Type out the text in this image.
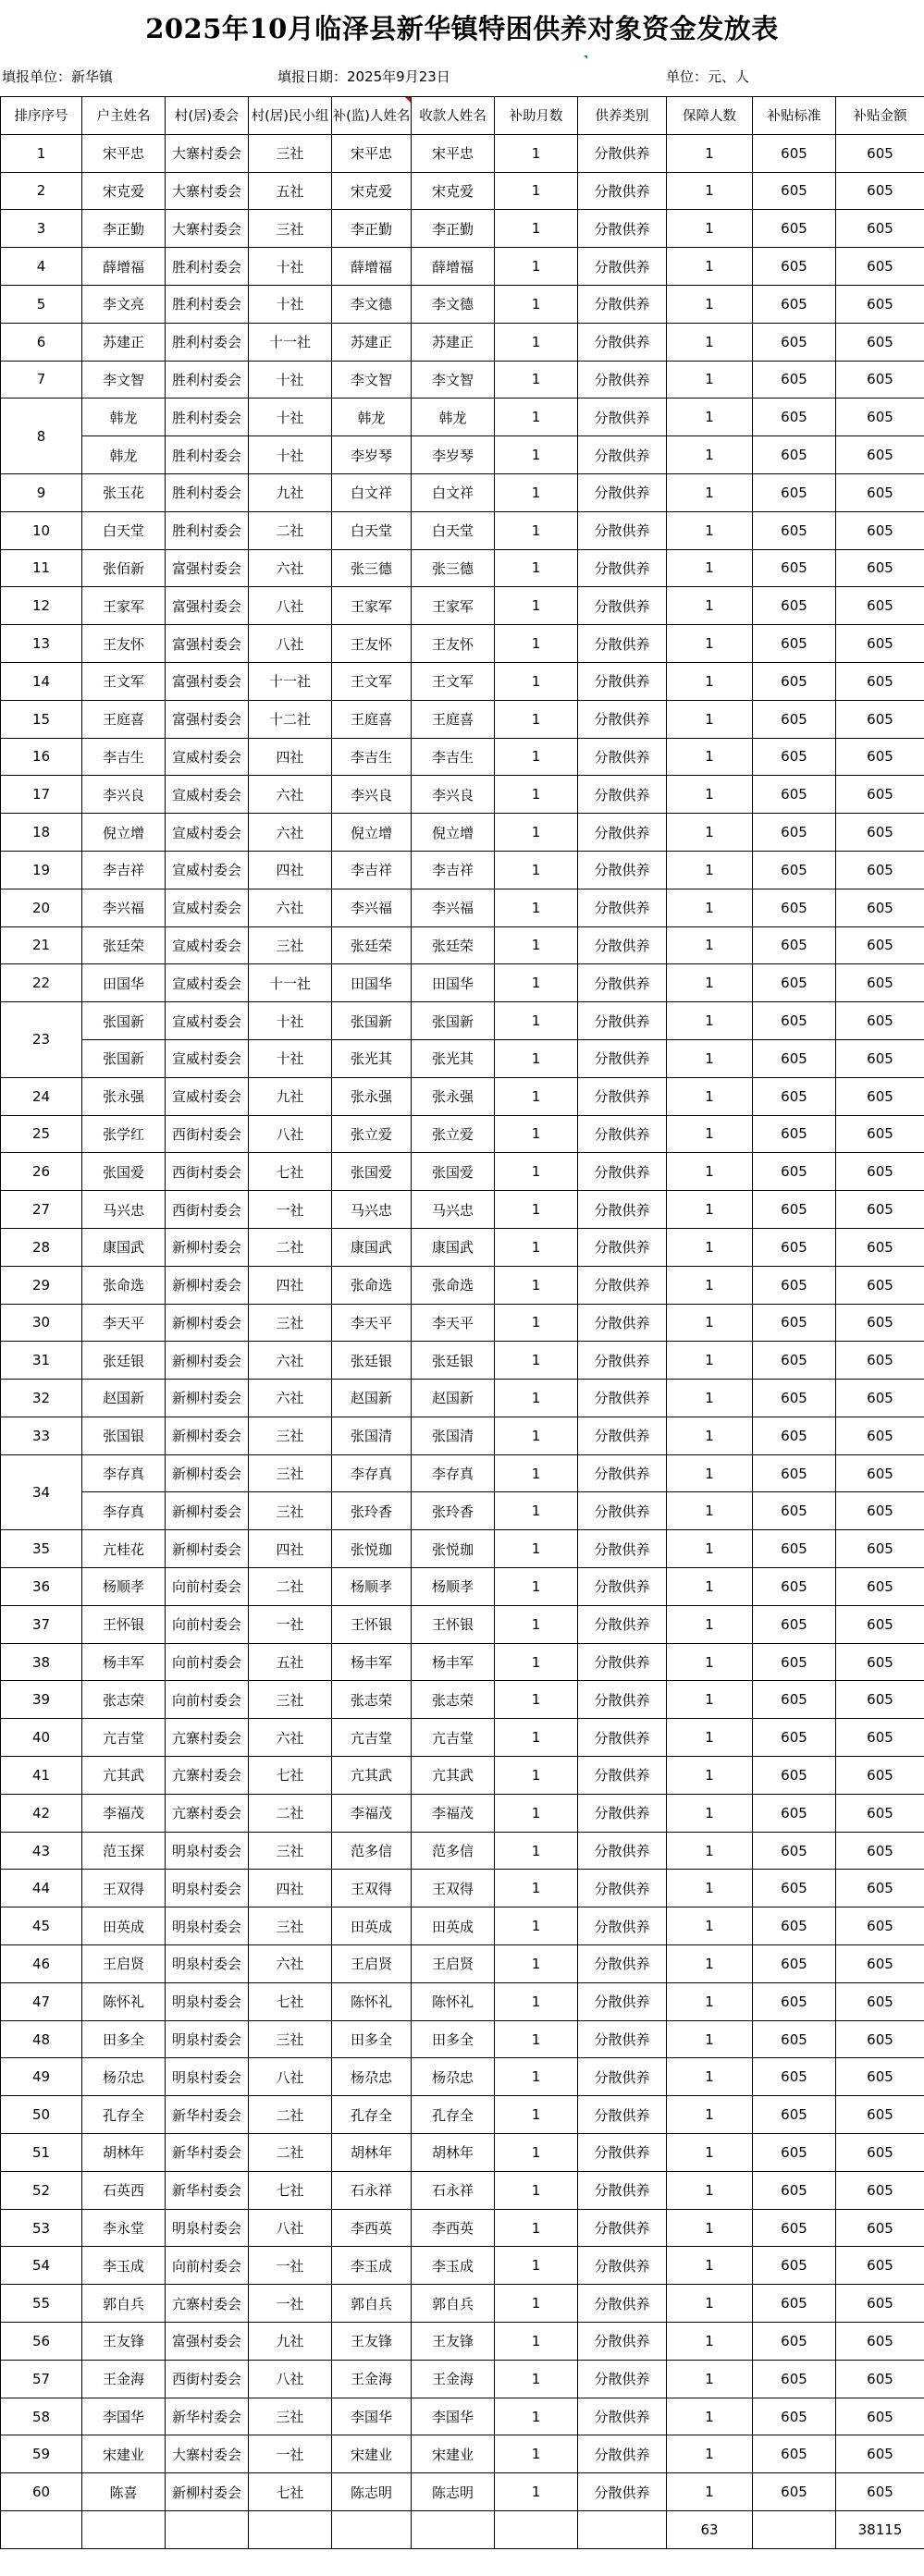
2025年10月临泽县新华镇特困供养对象资金发放表
填报单位：新华镇	填报日期：2025年9月23日	单位：元、人
排序序号	户主姓名	村(居)委会	村(居)民小组	补(监)人姓名	收款人姓名	补助月数	供养类别	保障人数	补贴标准	补贴金额
1	宋平忠	大寨村委会	三社	宋平忠	宋平忠	1	分散供养	1	605	605
2	宋克爱	大寨村委会	五社	宋克爱	宋克爱	1	分散供养	1	605	605
3	李正勤	大寨村委会	三社	李正勤	李正勤	1	分散供养	1	605	605
4	薛增福	胜利村委会	十社	薛增福	薛增福	1	分散供养	1	605	605
5	李文亮	胜利村委会	十社	李文德	李文德	1	分散供养	1	605	605
6	苏建正	胜利村委会	十一社	苏建正	苏建正	1	分散供养	1	605	605
7	李文智	胜利村委会	十社	李文智	李文智	1	分散供养	1	605	605
8	韩龙	胜利村委会	十社	韩龙	韩龙	1	分散供养	1	605	605
	韩龙	胜利村委会	十社	李岁琴	李岁琴	1	分散供养	1	605	605
9	张玉花	胜利村委会	九社	白文祥	白文祥	1	分散供养	1	605	605
10	白天堂	胜利村委会	二社	白天堂	白天堂	1	分散供养	1	605	605
11	张佰新	富强村委会	六社	张三德	张三德	1	分散供养	1	605	605
12	王家军	富强村委会	八社	王家军	王家军	1	分散供养	1	605	605
13	王友怀	富强村委会	八社	王友怀	王友怀	1	分散供养	1	605	605
14	王文军	富强村委会	十一社	王文军	王文军	1	分散供养	1	605	605
15	王庭喜	富强村委会	十二社	王庭喜	王庭喜	1	分散供养	1	605	605
16	李吉生	宣威村委会	四社	李吉生	李吉生	1	分散供养	1	605	605
17	李兴良	宣威村委会	六社	李兴良	李兴良	1	分散供养	1	605	605
18	倪立增	宣威村委会	六社	倪立增	倪立增	1	分散供养	1	605	605
19	李吉祥	宣威村委会	四社	李吉祥	李吉祥	1	分散供养	1	605	605
20	李兴福	宣威村委会	六社	李兴福	李兴福	1	分散供养	1	605	605
21	张廷荣	宣威村委会	三社	张廷荣	张廷荣	1	分散供养	1	605	605
22	田国华	宣威村委会	十一社	田国华	田国华	1	分散供养	1	605	605
23	张国新	宣威村委会	十社	张国新	张国新	1	分散供养	1	605	605
	张国新	宣威村委会	十社	张光其	张光其	1	分散供养	1	605	605
24	张永强	宣威村委会	九社	张永强	张永强	1	分散供养	1	605	605
25	张学红	西街村委会	八社	张立爱	张立爱	1	分散供养	1	605	605
26	张国爱	西街村委会	七社	张国爱	张国爱	1	分散供养	1	605	605
27	马兴忠	西街村委会	一社	马兴忠	马兴忠	1	分散供养	1	605	605
28	康国武	新柳村委会	二社	康国武	康国武	1	分散供养	1	605	605
29	张命选	新柳村委会	四社	张命选	张命选	1	分散供养	1	605	605
30	李天平	新柳村委会	三社	李天平	李天平	1	分散供养	1	605	605
31	张廷银	新柳村委会	六社	张廷银	张廷银	1	分散供养	1	605	605
32	赵国新	新柳村委会	六社	赵国新	赵国新	1	分散供养	1	605	605
33	张国银	新柳村委会	三社	张国清	张国清	1	分散供养	1	605	605
34	李存真	新柳村委会	三社	李存真	李存真	1	分散供养	1	605	605
	李存真	新柳村委会	三社	张玲香	张玲香	1	分散供养	1	605	605
35	亢桂花	新柳村委会	四社	张悦珈	张悦珈	1	分散供养	1	605	605
36	杨顺孝	向前村委会	二社	杨顺孝	杨顺孝	1	分散供养	1	605	605
37	王怀银	向前村委会	一社	王怀银	王怀银	1	分散供养	1	605	605
38	杨丰军	向前村委会	五社	杨丰军	杨丰军	1	分散供养	1	605	605
39	张志荣	向前村委会	三社	张志荣	张志荣	1	分散供养	1	605	605
40	亢吉堂	亢寨村委会	六社	亢吉堂	亢吉堂	1	分散供养	1	605	605
41	亢其武	亢寨村委会	七社	亢其武	亢其武	1	分散供养	1	605	605
42	李福茂	亢寨村委会	二社	李福茂	李福茂	1	分散供养	1	605	605
43	范玉探	明泉村委会	三社	范多信	范多信	1	分散供养	1	605	605
44	王双得	明泉村委会	四社	王双得	王双得	1	分散供养	1	605	605
45	田英成	明泉村委会	三社	田英成	田英成	1	分散供养	1	605	605
46	王启贤	明泉村委会	六社	王启贤	王启贤	1	分散供养	1	605	605
47	陈怀礼	明泉村委会	七社	陈怀礼	陈怀礼	1	分散供养	1	605	605
48	田多全	明泉村委会	三社	田多全	田多全	1	分散供养	1	605	605
49	杨尕忠	明泉村委会	八社	杨尕忠	杨尕忠	1	分散供养	1	605	605
50	孔存全	新华村委会	二社	孔存全	孔存全	1	分散供养	1	605	605
51	胡林年	新华村委会	二社	胡林年	胡林年	1	分散供养	1	605	605
52	石英西	新华村委会	七社	石永祥	石永祥	1	分散供养	1	605	605
53	李永堂	明泉村委会	八社	李西英	李西英	1	分散供养	1	605	605
54	李玉成	向前村委会	一社	李玉成	李玉成	1	分散供养	1	605	605
55	郭自兵	亢寨村委会	一社	郭自兵	郭自兵	1	分散供养	1	605	605
56	王友锋	富强村委会	九社	王友锋	王友锋	1	分散供养	1	605	605
57	王金海	西街村委会	八社	王金海	王金海	1	分散供养	1	605	605
58	李国华	新华村委会	三社	李国华	李国华	1	分散供养	1	605	605
59	宋建业	大寨村委会	一社	宋建业	宋建业	1	分散供养	1	605	605
60	陈喜	新柳村委会	七社	陈志明	陈志明	1	分散供养	1	605	605
								63		38115
